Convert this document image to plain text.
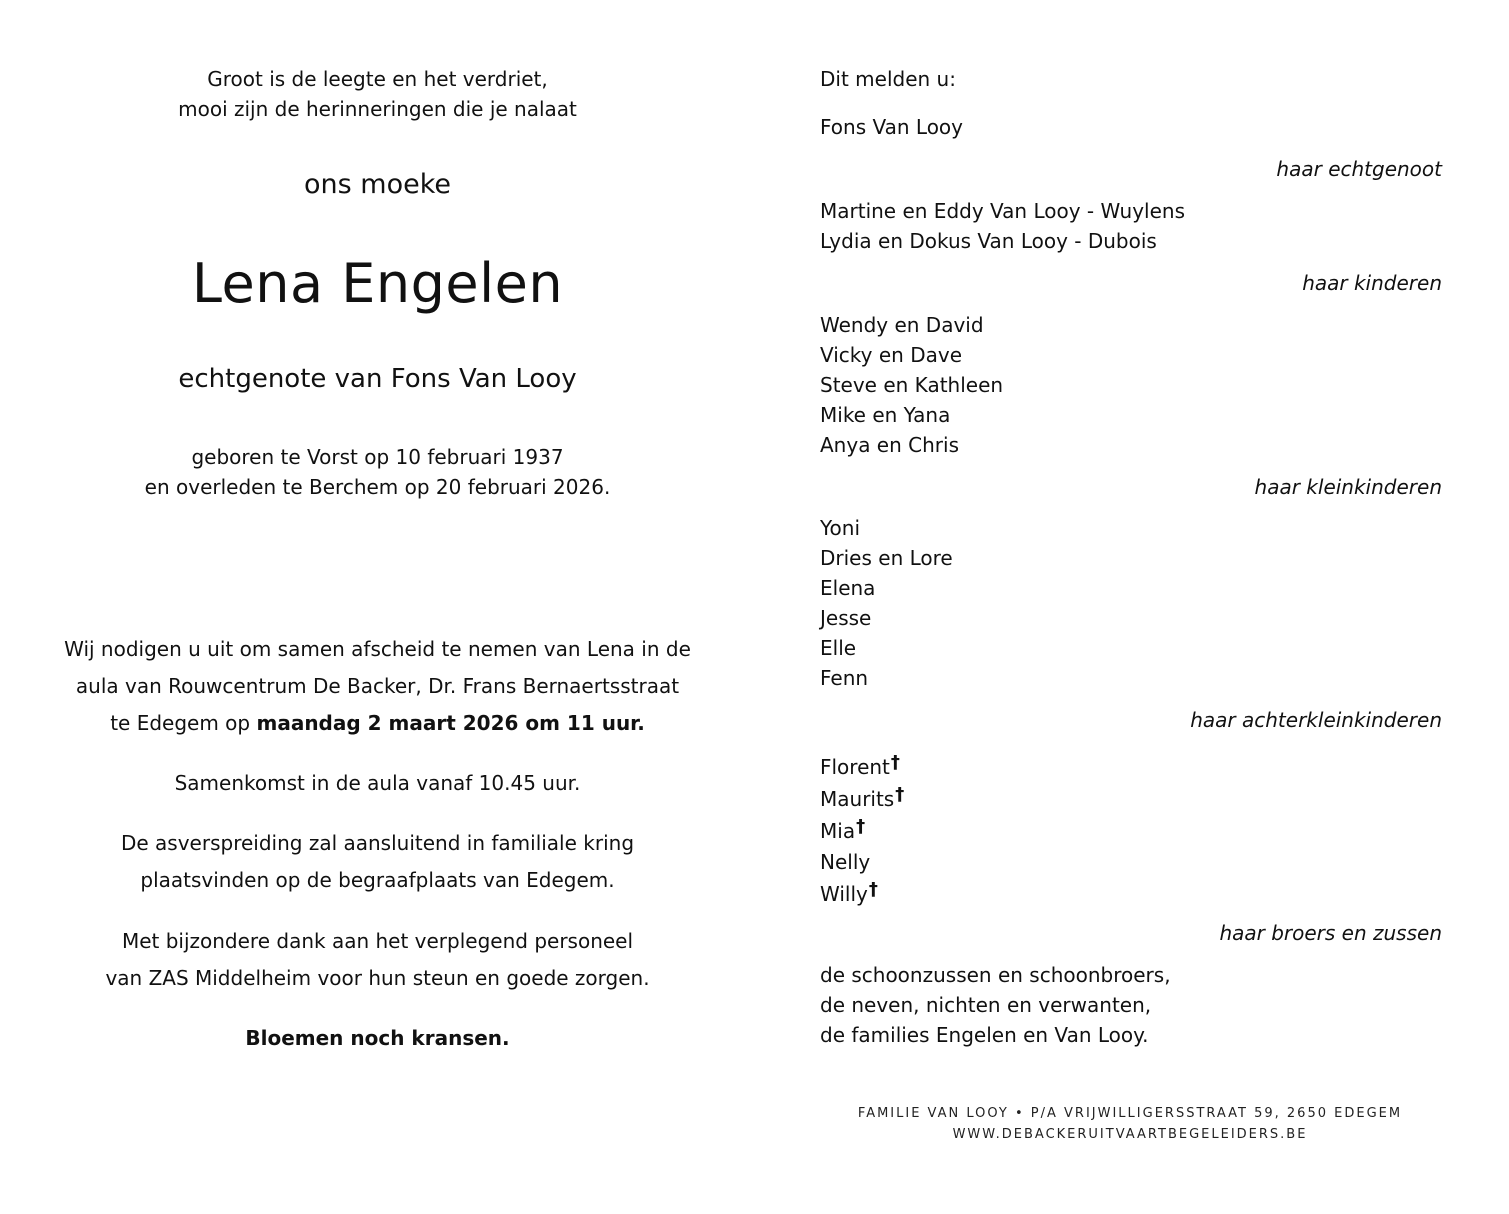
Groot is de leegte en het verdriet,
mooi zijn de herinneringen die je nalaat
ons moeke
Lena Engelen
echtgenote van Fons Van Looy
geboren te Vorst op 10 februari 1937
en overleden te Berchem op 20 februari 2026.
Wij nodigen u uit om samen afscheid te nemen van Lena in de
aula van Rouwcentrum De Backer, Dr. Frans Bernaertsstraat
te Edegem op maandag 2 maart 2026 om 11 uur.
Samenkomst in de aula vanaf 10.45 uur.
De asverspreiding zal aansluitend in familiale kring
plaatsvinden op de begraafplaats van Edegem.
Met bijzondere dank aan het verplegend personeel
van ZAS Middelheim voor hun steun en goede zorgen.
Bloemen noch kransen.
Dit melden u:
Fons Van Looy
haar echtgenoot
Martine en Eddy Van Looy - Wuylens
Lydia en Dokus Van Looy - Dubois
haar kinderen
Wendy en David
Vicky en Dave
Steve en Kathleen
Mike en Yana
Anya en Chris
haar kleinkinderen
Yoni
Dries en Lore
Elena
Jesse
Elle
Fenn
haar achterkleinkinderen
Florent†
Maurits†
Mia†
Nelly
Willy†
haar broers en zussen
de schoonzussen en schoonbroers,
de neven, nichten en verwanten,
de families Engelen en Van Looy.
FAMILIE VAN LOOY • P/A VRIJWILLIGERSSTRAAT 59, 2650 EDEGEM
WWW.DEBACKERUITVAARTBEGELEIDERS.BE
